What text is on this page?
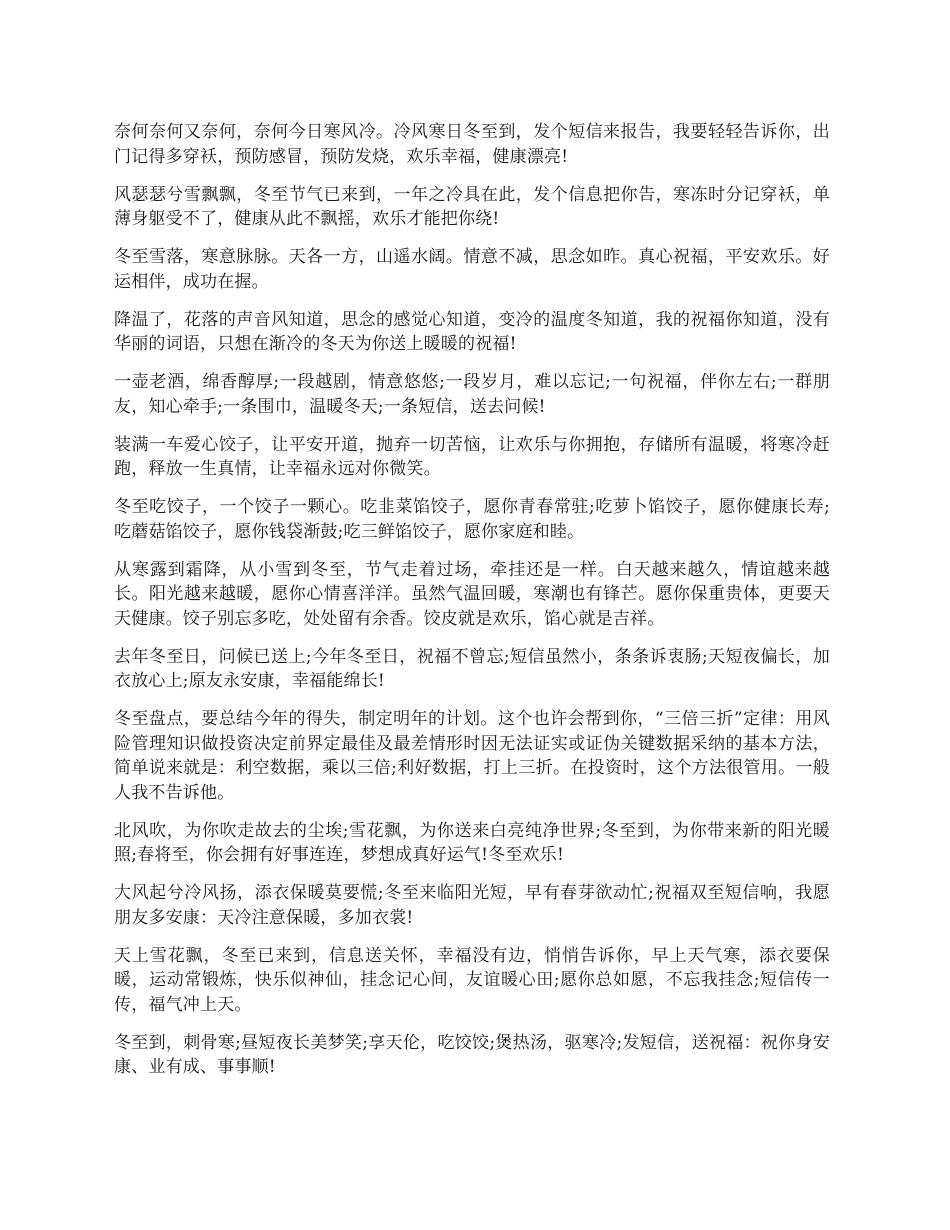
奈何奈何又奈何，奈何今日寒风冷。冷风寒日冬至到，发个短信来报告，我要轻轻告诉你，出门记得多穿袄，预防感冒，预防发烧，欢乐幸福，健康漂亮!

风瑟瑟兮雪飘飘，冬至节气已来到，一年之冷具在此，发个信息把你告，寒冻时分记穿袄，单薄身躯受不了，健康从此不飘摇，欢乐才能把你绕!

冬至雪落，寒意脉脉。天各一方，山遥水阔。情意不减，思念如昨。真心祝福，平安欢乐。好运相伴，成功在握。

降温了，花落的声音风知道，思念的感觉心知道，变冷的温度冬知道，我的祝福你知道，没有华丽的词语，只想在渐冷的冬天为你送上暖暖的祝福!

一壶老酒，绵香醇厚;一段越剧，情意悠悠;一段岁月，难以忘记;一句祝福，伴你左右;一群朋友，知心牵手;一条围巾，温暖冬天;一条短信，送去问候!

装满一车爱心饺子，让平安开道，抛弃一切苦恼，让欢乐与你拥抱，存储所有温暖，将寒冷赶跑，释放一生真情，让幸福永远对你微笑。

冬至吃饺子，一个饺子一颗心。吃韭菜馅饺子，愿你青春常驻;吃萝卜馅饺子，愿你健康长寿;吃蘑菇馅饺子，愿你钱袋渐鼓;吃三鲜馅饺子，愿你家庭和睦。

从寒露到霜降，从小雪到冬至，节气走着过场，牵挂还是一样。白天越来越久，情谊越来越长。阳光越来越暖，愿你心情喜洋洋。虽然气温回暖，寒潮也有锋芒。愿你保重贵体，更要天天健康。饺子别忘多吃，处处留有余香。饺皮就是欢乐，馅心就是吉祥。

去年冬至日，问候已送上;今年冬至日，祝福不曾忘;短信虽然小，条条诉衷肠;天短夜偏长，加衣放心上;原友永安康，幸福能绵长!

冬至盘点，要总结今年的得失，制定明年的计划。这个也许会帮到你，“三倍三折”定律：用风险管理知识做投资决定前界定最佳及最差情形时因无法证实或证伪关键数据采纳的基本方法，简单说来就是：利空数据，乘以三倍;利好数据，打上三折。在投资时，这个方法很管用。一般人我不告诉他。

北风吹，为你吹走故去的尘埃;雪花飘，为你送来白亮纯净世界;冬至到，为你带来新的阳光暖照;春将至，你会拥有好事连连，梦想成真好运气!冬至欢乐!

大风起兮冷风扬，添衣保暖莫要慌;冬至来临阳光短，早有春芽欲动忙;祝福双至短信响，我愿朋友多安康：天冷注意保暖，多加衣裳!

天上雪花飘，冬至已来到，信息送关怀，幸福没有边，悄悄告诉你，早上天气寒，添衣要保暖，运动常锻炼，快乐似神仙，挂念记心间，友谊暖心田;愿你总如愿，不忘我挂念;短信传一传，福气冲上天。

冬至到，刺骨寒;昼短夜长美梦笑;享天伦，吃饺饺;煲热汤，驱寒冷;发短信，送祝福：祝你身安康、业有成、事事顺!
